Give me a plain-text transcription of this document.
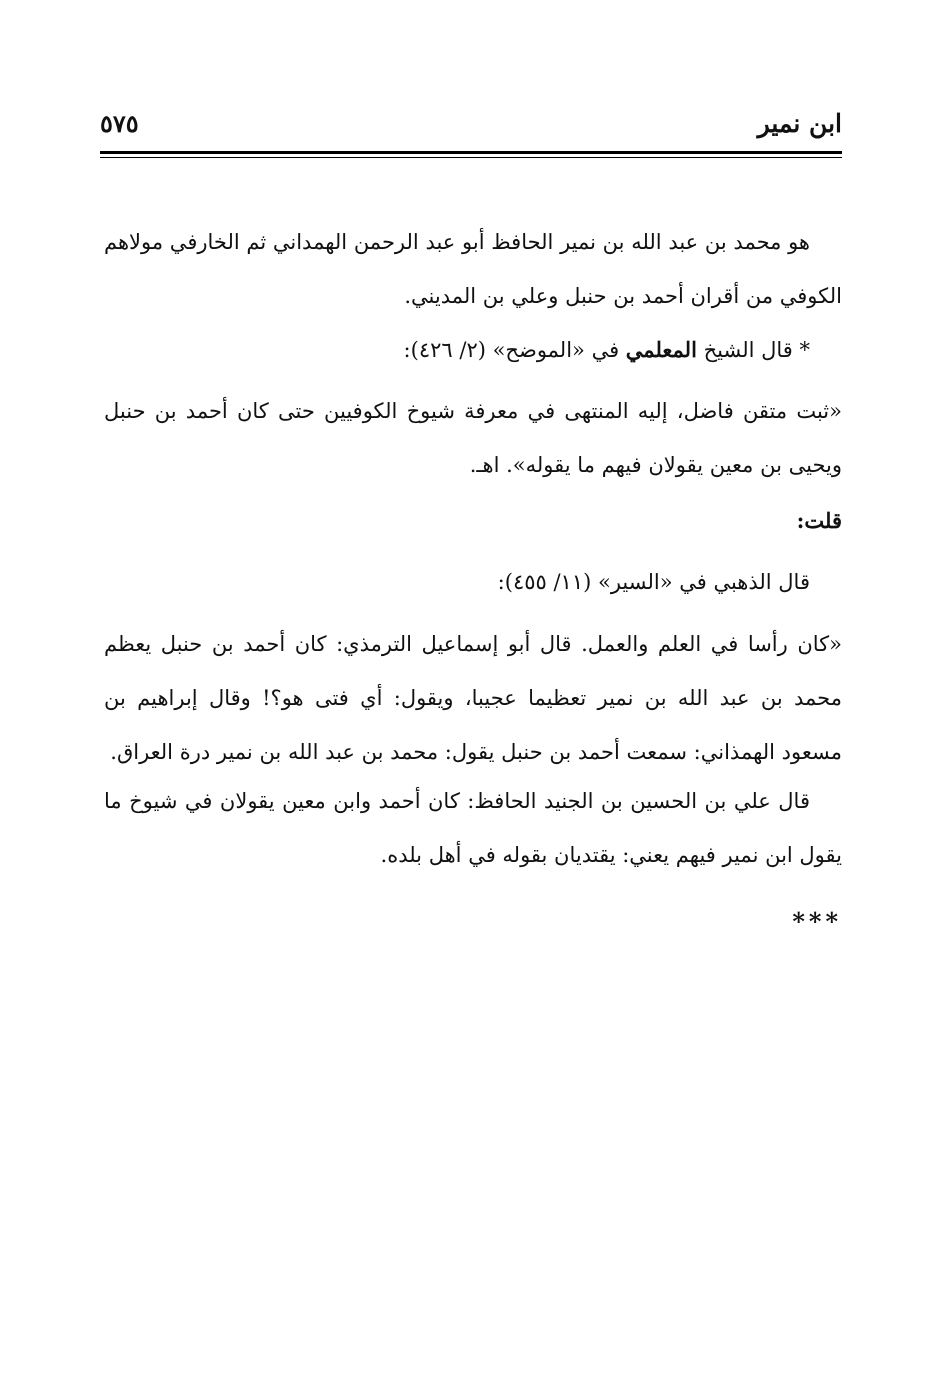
ابن نمير
٥٧٥

هو محمد بن عبد الله بن نمير الحافظ أبو عبد الرحمن الهمداني ثم الخارفي مولاهم الكوفي من أقران أحمد بن حنبل وعلي بن المديني.

* قال الشيخ المعلمي في «الموضح» (٢/ ٤٢٦):

«ثبت متقن فاضل، إليه المنتهى في معرفة شيوخ الكوفيين حتى كان أحمد بن حنبل ويحيى بن معين يقولان فيهم ما يقوله». اهـ.

قلت:

قال الذهبي في «السير» (١١/ ٤٥٥):

«كان رأسا في العلم والعمل. قال أبو إسماعيل الترمذي: كان أحمد بن حنبل يعظم محمد بن عبد الله بن نمير تعظيما عجيبا، ويقول: أي فتى هو؟! وقال إبراهيم بن مسعود الهمذاني: سمعت أحمد بن حنبل يقول: محمد بن عبد الله بن نمير درة العراق.

قال علي بن الحسين بن الجنيد الحافظ: كان أحمد وابن معين يقولان في شيوخ ما يقول ابن نمير فيهم يعني: يقتديان بقوله في أهل بلده.

***
